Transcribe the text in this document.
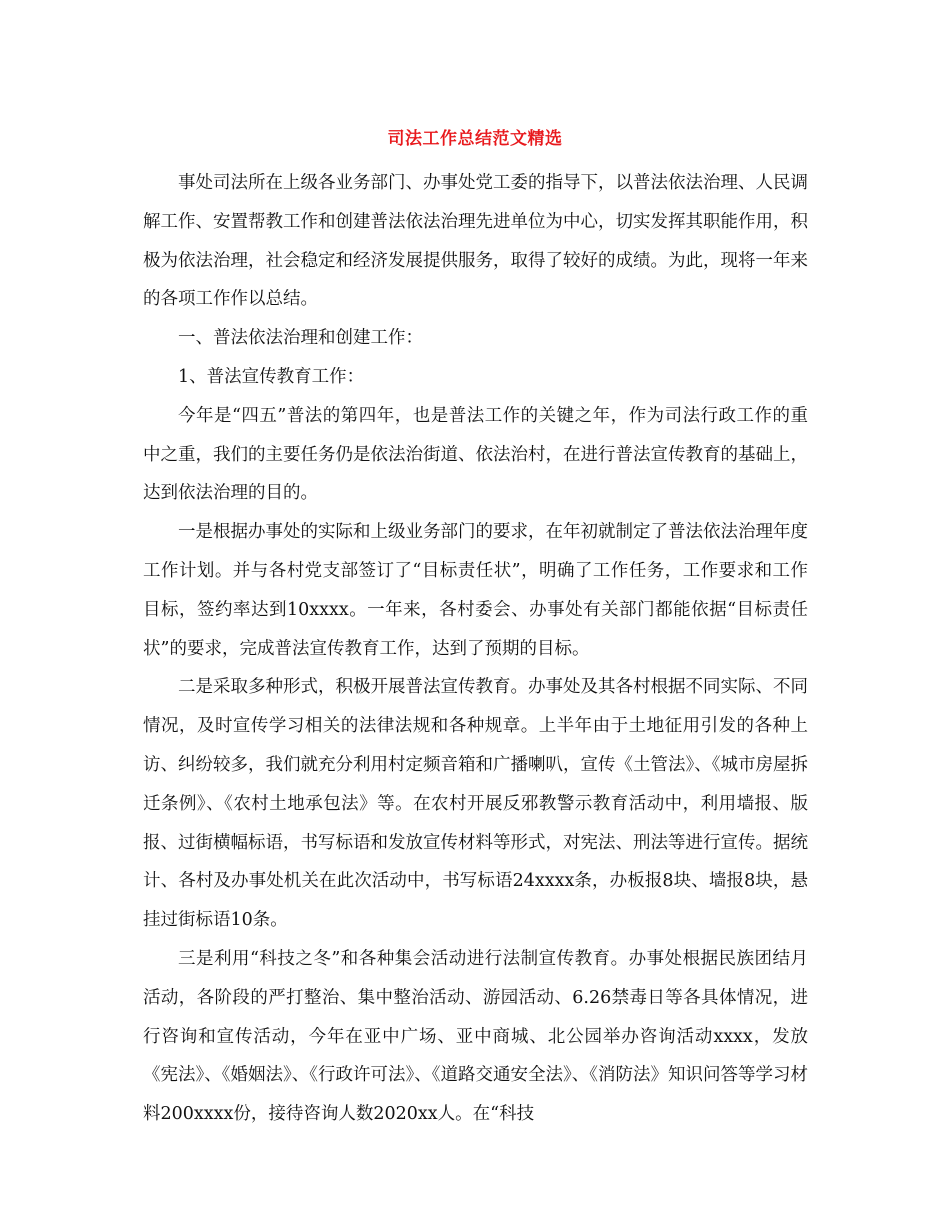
司法工作总结范文精选

事处司法所在上级各业务部门、办事处党工委的指导下，以普法依法治理、人民调解工作、安置帮教工作和创建普法依法治理先进单位为中心，切实发挥其职能作用，积极为依法治理，社会稳定和经济发展提供服务，取得了较好的成绩。为此，现将一年来的各项工作作以总结。

一、普法依法治理和创建工作：

1、普法宣传教育工作：

今年是“四五”普法的第四年，也是普法工作的关键之年，作为司法行政工作的重中之重，我们的主要任务仍是依法治街道、依法治村，在进行普法宣传教育的基础上，达到依法治理的目的。

一是根据办事处的实际和上级业务部门的要求，在年初就制定了普法依法治理年度工作计划。并与各村党支部签订了“目标责任状”，明确了工作任务，工作要求和工作目标，签约率达到10xxxx。一年来，各村委会、办事处有关部门都能依据“目标责任状”的要求，完成普法宣传教育工作，达到了预期的目标。

二是采取多种形式，积极开展普法宣传教育。办事处及其各村根据不同实际、不同情况，及时宣传学习相关的法律法规和各种规章。上半年由于土地征用引发的各种上访、纠纷较多，我们就充分利用村定频音箱和广播喇叭，宣传《土管法》、《城市房屋拆迁条例》、《农村土地承包法》等。在农村开展反邪教警示教育活动中，利用墙报、版报、过街横幅标语，书写标语和发放宣传材料等形式，对宪法、刑法等进行宣传。据统计、各村及办事处机关在此次活动中，书写标语24xxxx条，办板报8块、墙报8块，悬挂过街标语10条。

三是利用“科技之冬”和各种集会活动进行法制宣传教育。办事处根据民族团结月活动，各阶段的严打整治、集中整治活动、游园活动、6.26禁毒日等各具体情况，进行咨询和宣传活动，今年在亚中广场、亚中商城、北公园举办咨询活动xxxx，发放《宪法》、《婚姻法》、《行政许可法》、《道路交通安全法》、《消防法》知识问答等学习材料200xxxx份，接待咨询人数2020xx人。在“科技
